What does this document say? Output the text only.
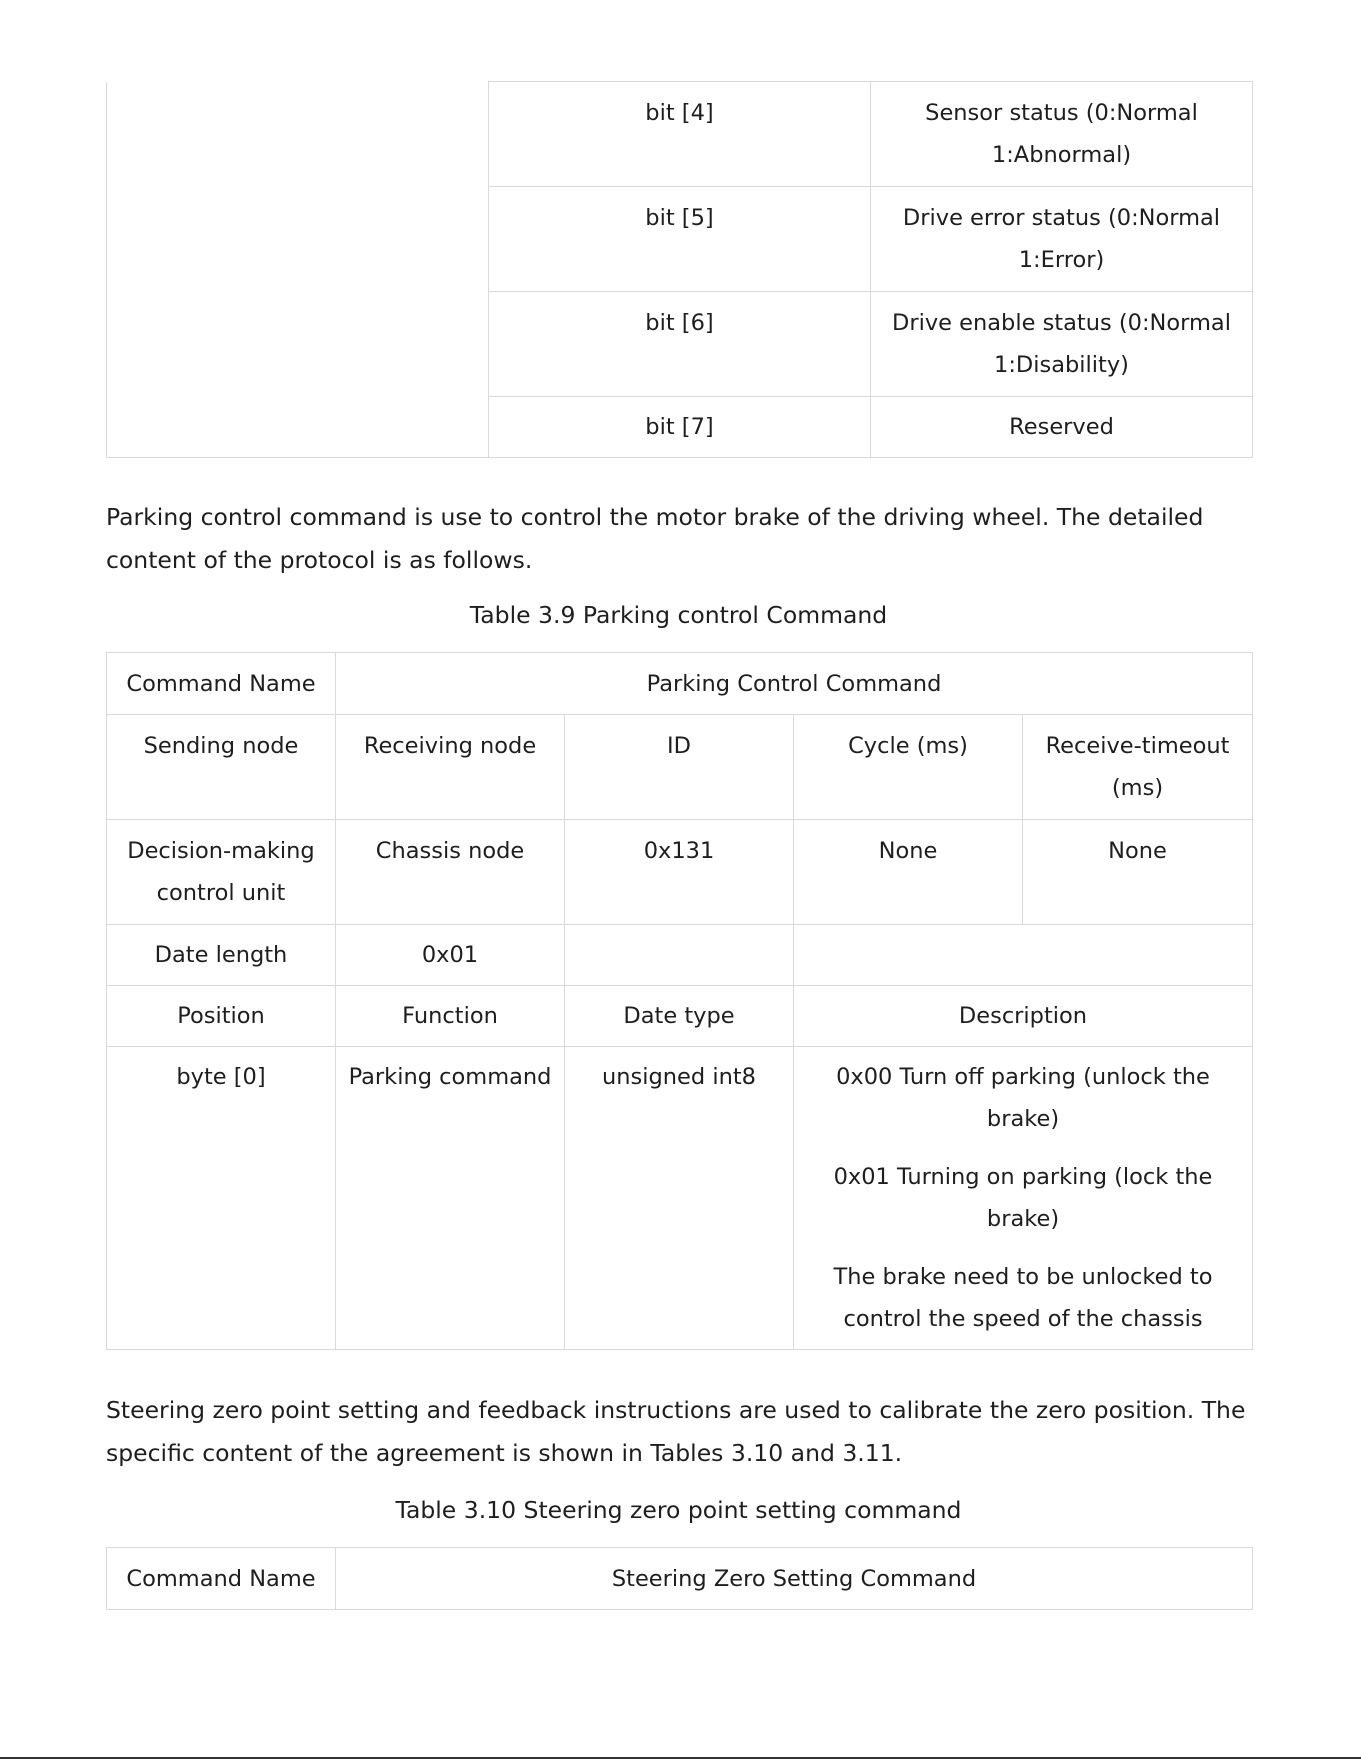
	bit [4]	Sensor status (0:Normal 1:Abnormal)
	bit [5]	Drive error status (0:Normal 1:Error)
	bit [6]	Drive enable status (0:Normal 1:Disability)
	bit [7]	Reserved

Parking control command is use to control the motor brake of the driving wheel. The detailed content of the protocol is as follows.

Table 3.9 Parking control Command

Command Name	Parking Control Command			
Sending node	Receiving node	ID	Cycle (ms)	Receive-timeout (ms)
Decision-making control unit	Chassis node	0x131	None	None
Date length	0x01			
Position	Function	Date type	Description	
byte [0]	Parking command	unsigned int8	0x00 Turn off parking (unlock the brake)
0x01 Turning on parking (lock the brake)
The brake need to be unlocked to control the speed of the chassis	

Steering zero point setting and feedback instructions are used to calibrate the zero position. The specific content of the agreement is shown in Tables 3.10 and 3.11.

Table 3.10 Steering zero point setting command

Command Name	Steering Zero Setting Command
